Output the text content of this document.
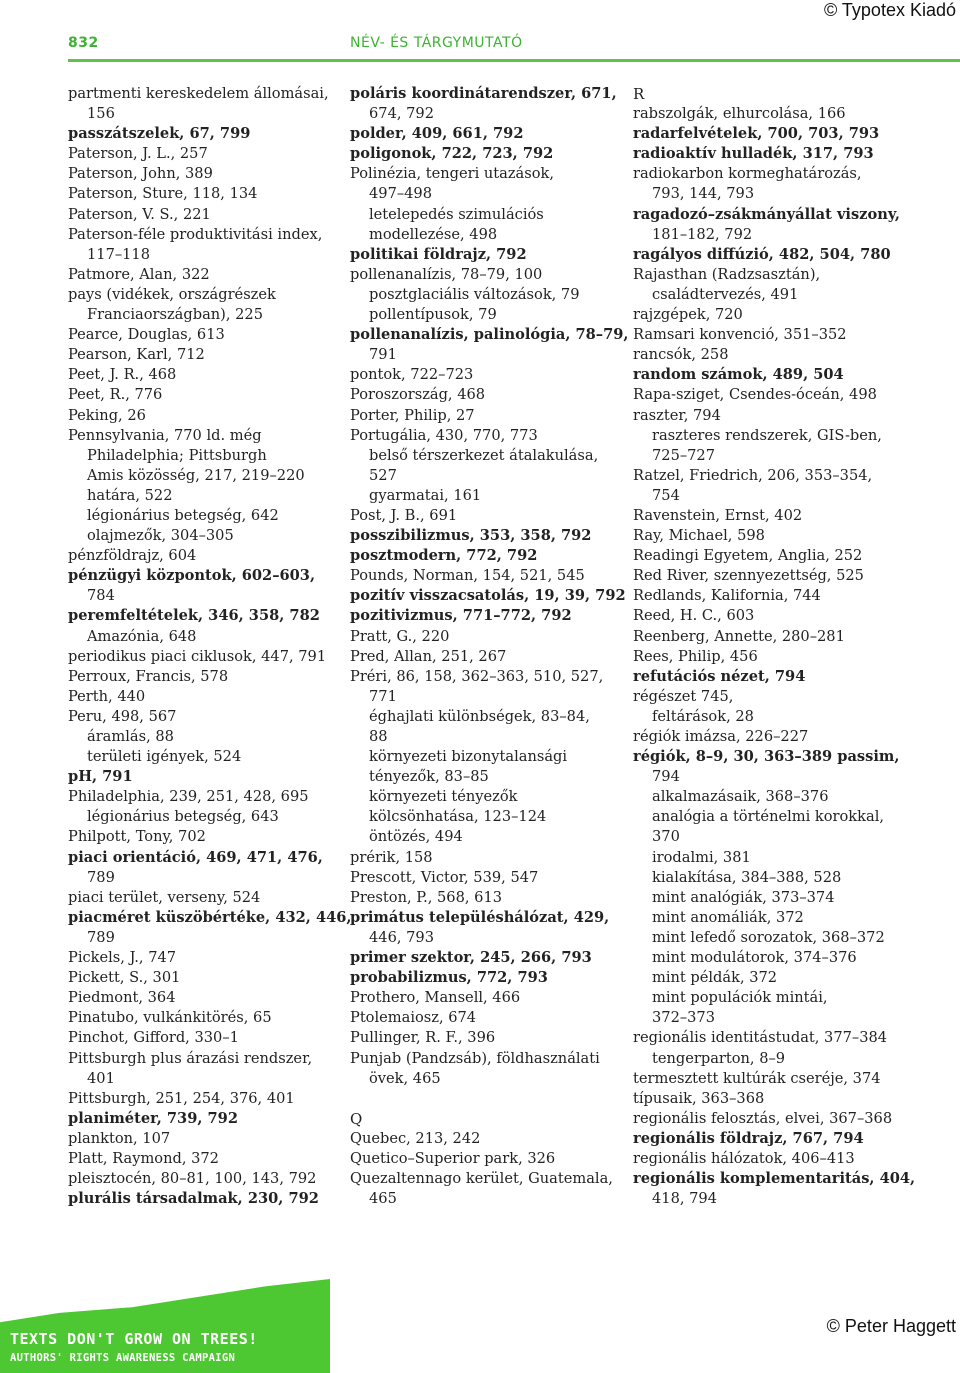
© Typotex Kiadó
832	NÉV- ÉS TÁRGYMUTATÓ
partmenti kereskedelem állomásai,
156
passzátszelek, 67, 799
Paterson, J. L., 257
Paterson, John, 389
Paterson, Sture, 118, 134
Paterson, V. S., 221
Paterson-féle produktivitási index,
117–118
Patmore, Alan, 322
pays (vidékek, országrészek
Franciaországban), 225
Pearce, Douglas, 613
Pearson, Karl, 712
Peet, J. R., 468
Peet, R., 776
Peking, 26
Pennsylvania, 770 ld. még
Philadelphia; Pittsburgh
Amis közösség, 217, 219–220
határa, 522
légionárius betegség, 642
olajmezők, 304–305
pénzföldrajz, 604
pénzügyi központok, 602–603,
784
peremfeltételek, 346, 358, 782
Amazónia, 648
periodikus piaci ciklusok, 447, 791
Perroux, Francis, 578
Perth, 440
Peru, 498, 567
áramlás, 88
területi igények, 524
pH, 791
Philadelphia, 239, 251, 428, 695
légionárius betegség, 643
Philpott, Tony, 702
piaci orientáció, 469, 471, 476,
789
piaci terület, verseny, 524
piacméret küszöbértéke, 432, 446,
789
Pickels, J., 747
Pickett, S., 301
Piedmont, 364
Pinatubo, vulkánkitörés, 65
Pinchot, Gifford, 330–1
Pittsburgh plus árazási rendszer,
401
Pittsburgh, 251, 254, 376, 401
planiméter, 739, 792
plankton, 107
Platt, Raymond, 372
pleisztocén, 80–81, 100, 143, 792
plurális társadalmak, 230, 792
poláris koordinátarendszer, 671,
674, 792
polder, 409, 661, 792
poligonok, 722, 723, 792
Polinézia, tengeri utazások,
497–498
letelepedés szimulációs
modellezése, 498
politikai földrajz, 792
pollenanalízis, 78–79, 100
posztglaciális változások, 79
pollentípusok, 79
pollenanalízis, palinológia, 78–79,
791
pontok, 722–723
Poroszország, 468
Porter, Philip, 27
Portugália, 430, 770, 773
belső térszerkezet átalakulása,
527
gyarmatai, 161
Post, J. B., 691
posszibilizmus, 353, 358, 792
posztmodern, 772, 792
Pounds, Norman, 154, 521, 545
pozitív visszacsatolás, 19, 39, 792
pozitivizmus, 771–772, 792
Pratt, G., 220
Pred, Allan, 251, 267
Préri, 86, 158, 362–363, 510, 527,
771
éghajlati különbségek, 83–84,
88
környezeti bizonytalansági
tényezők, 83–85
környezeti tényezők
kölcsönhatása, 123–124
öntözés, 494
prérik, 158
Prescott, Victor, 539, 547
Preston, P., 568, 613
primátus településhálózat, 429,
446, 793
primer szektor, 245, 266, 793
probabilizmus, 772, 793
Prothero, Mansell, 466
Ptolemaiosz, 674
Pullinger, R. F., 396
Punjab (Pandzsáb), földhasználati
övek, 465
Q
Quebec, 213, 242
Quetico–Superior park, 326
Quezaltennago kerület, Guatemala,
465
R
rabszolgák, elhurcolása, 166
radarfelvételek, 700, 703, 793
radioaktív hulladék, 317, 793
radiokarbon kormeghatározás,
793, 144, 793
ragadozó–zsákmányállat viszony,
181–182, 792
ragályos diffúzió, 482, 504, 780
Rajasthan (Radzsasztán),
családtervezés, 491
rajzgépek, 720
Ramsari konvenció, 351–352
rancsók, 258
random számok, 489, 504
Rapa-sziget, Csendes-óceán, 498
raszter, 794
raszteres rendszerek, GIS-ben,
725–727
Ratzel, Friedrich, 206, 353–354,
754
Ravenstein, Ernst, 402
Ray, Michael, 598
Readingi Egyetem, Anglia, 252
Red River, szennyezettség, 525
Redlands, Kalifornia, 744
Reed, H. C., 603
Reenberg, Annette, 280–281
Rees, Philip, 456
refutációs nézet, 794
régészet 745,
feltárások, 28
régiók imázsa, 226–227
régiók, 8–9, 30, 363–389 passim,
794
alkalmazásaik, 368–376
analógia a történelmi korokkal,
370
irodalmi, 381
kialakítása, 384–388, 528
mint analógiák, 373–374
mint anomáliák, 372
mint lefedő sorozatok, 368–372
mint modulátorok, 374–376
mint példák, 372
mint populációk mintái,
372–373
regionális identitástudat, 377–384
tengerparton, 8–9
termesztett kultúrák cseréje, 374
típusaik, 363–368
regionális felosztás, elvei, 367–368
regionális földrajz, 767, 794
regionális hálózatok, 406–413
regionális komplementaritás, 404,
418, 794
TEXTS DON'T GROW ON TREES!
AUTHORS' RIGHTS AWARENESS CAMPAIGN
© Peter Haggett
